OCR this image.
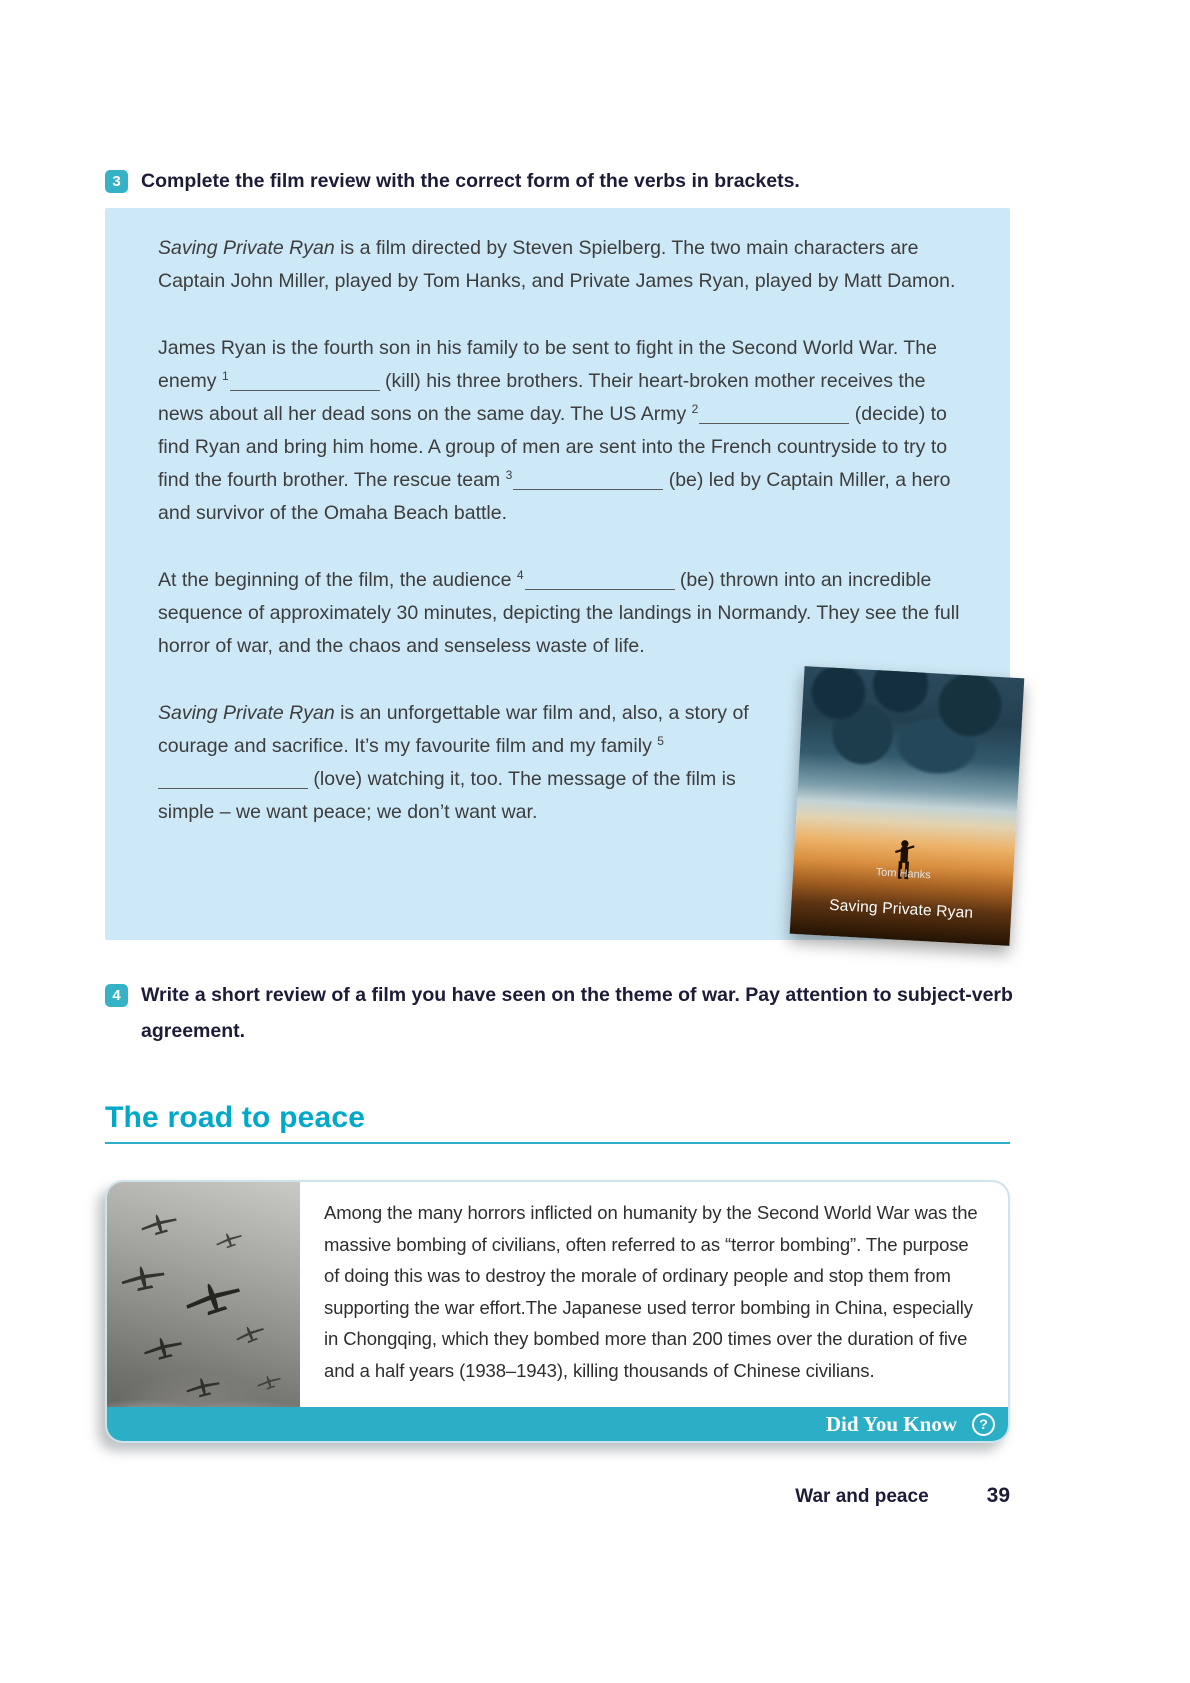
3	Complete the film review with the correct form of the verbs in brackets.
Tom Hanks
Saving Private Ryan

Saving Private Ryan is a film directed by Steven Spielberg. The two main characters are Captain John Miller, played by Tom Hanks, and Private James Ryan, played by Matt Damon.

James Ryan is the fourth son in his family to be sent to fight in the Second World War. The enemy $^1$	(kill) his three brothers. Their heart-broken mother receives the news about all her dead sons on the same day. The US Army $^2$	(decide) to find Ryan and bring him home. A group of men are sent into the French countryside to try to find the fourth brother. The rescue team $^3$	(be) led by Captain Miller, a hero and survivor of the Omaha Beach battle.

At the beginning of the film, the audience $^4$	(be) thrown into an incredible sequence of approximately 30 minutes, depicting the landings in Normandy. They see the full horror of war, and the chaos and senseless waste of life.

Saving Private Ryan is an unforgettable war film and, also, a story of courage and sacrifice. It’s my favourite film and my family $^5$ (love) watching it, too. The message of the film is simple – we want peace; we don’t want war.

4	Write a short review of a film you have seen on the theme of war. Pay attention to subject-verb agreement.
The road to peace
Among the many horrors inflicted on humanity by the Second World War was the massive bombing of civilians, often referred to as “terror bombing”. The purpose of doing this was to destroy the morale of ordinary people and stop them from supporting the war effort.The Japanese used terror bombing in China, especially in Chongqing, which they bombed more than 200 times over the duration of five and a half years (1938–1943), killing thousands of Chinese civilians.
Did You Know ?
War and peace	39
